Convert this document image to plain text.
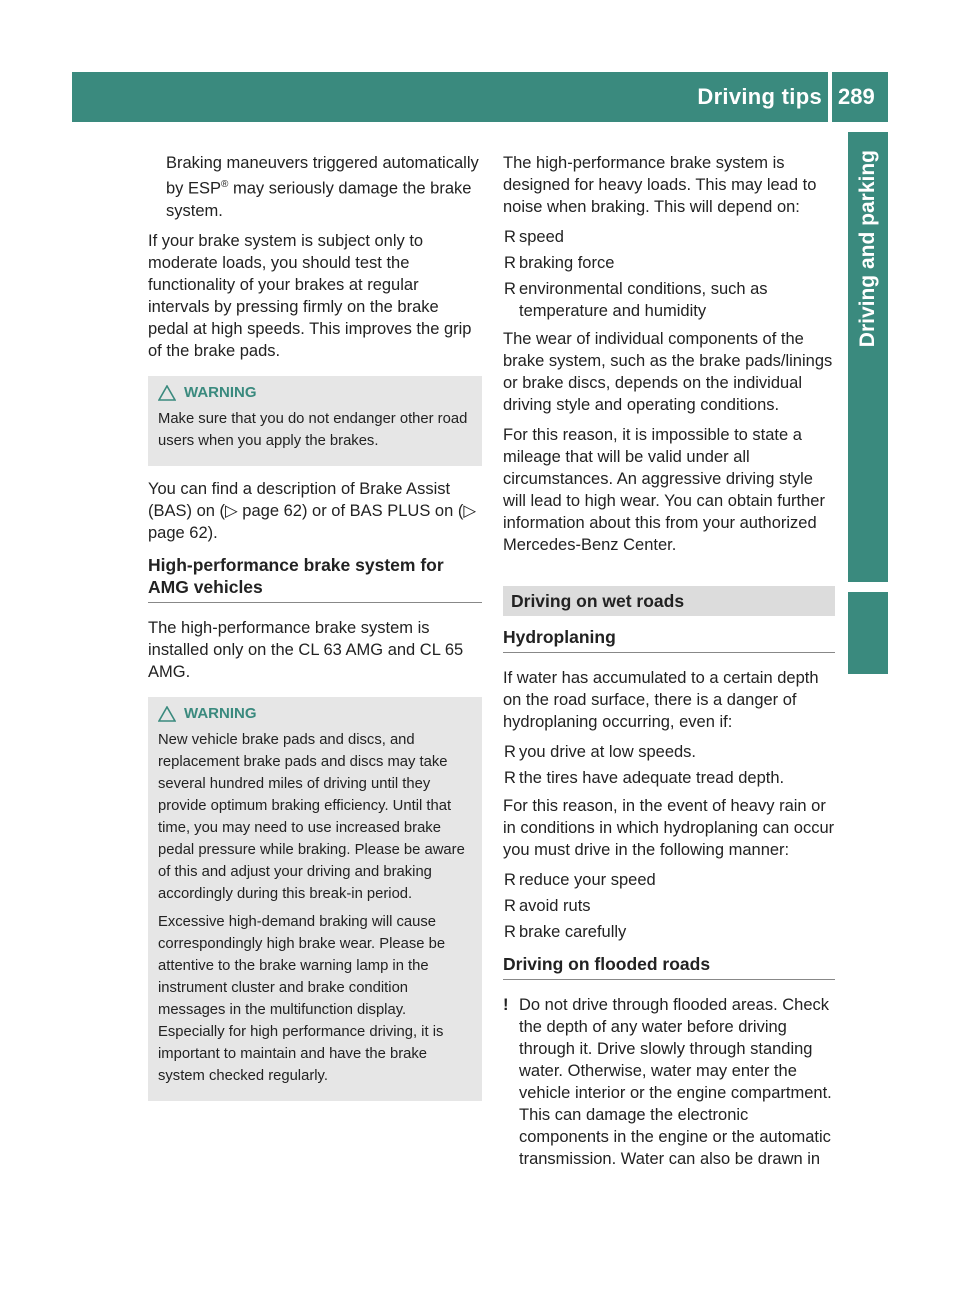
Driving tips 289
Driving and parking

Braking maneuvers triggered automatically by ESP® may seriously damage the brake system.

If your brake system is subject only to moderate loads, you should test the functionality of your brakes at regular intervals by pressing firmly on the brake pedal at high speeds. This improves the grip of the brake pads.

WARNING

Make sure that you do not endanger other road users when you apply the brakes.

You can find a description of Brake Assist (BAS) on (▷ page 62) or of BAS PLUS on (▷ page 62).

High-performance brake system for AMG vehicles

The high-performance brake system is installed only on the CL 63 AMG and CL 65 AMG.

WARNING

New vehicle brake pads and discs, and replacement brake pads and discs may take several hundred miles of driving until they provide optimum braking efficiency. Until that time, you may need to use increased brake pedal pressure while braking. Please be aware of this and adjust your driving and braking accordingly during this break-in period.

Excessive high-demand braking will cause correspondingly high brake wear. Please be attentive to the brake warning lamp in the instrument cluster and brake condition messages in the multifunction display. Especially for high performance driving, it is important to maintain and have the brake system checked regularly.

The high-performance brake system is designed for heavy loads. This may lead to noise when braking. This will depend on:

R speed
R braking force
R environmental conditions, such as temperature and humidity

The wear of individual components of the brake system, such as the brake pads/linings or brake discs, depends on the individual driving style and operating conditions.

For this reason, it is impossible to state a mileage that will be valid under all circumstances. An aggressive driving style will lead to high wear. You can obtain further information about this from your authorized Mercedes-Benz Center.

Driving on wet roads
Hydroplaning

If water has accumulated to a certain depth on the road surface, there is a danger of hydroplaning occurring, even if:

R you drive at low speeds.
R the tires have adequate tread depth.

For this reason, in the event of heavy rain or in conditions in which hydroplaning can occur you must drive in the following manner:

R reduce your speed
R avoid ruts
R brake carefully
Driving on flooded roads
! Do not drive through flooded areas. Check the depth of any water before driving through it. Drive slowly through standing water. Otherwise, water may enter the vehicle interior or the engine compartment. This can damage the electronic components in the engine or the automatic transmission. Water can also be drawn in
